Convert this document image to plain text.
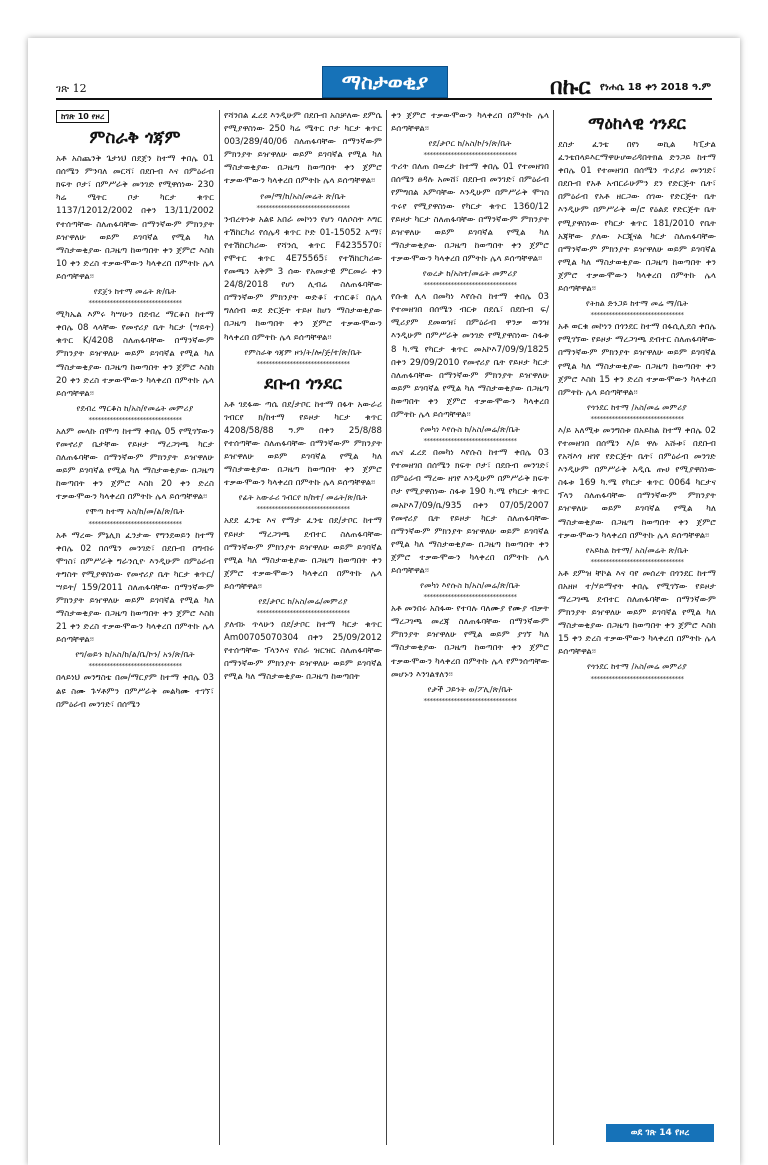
ገጽ 12	ማስታወቂያ	በኩር የነሐሴ 18 ቀን 2018 ዓ.ም
ከገጽ 10 የዞረ
ምስራቅ ጎጃም

አቶ አስጨንቅ ጌታነህ በደጀን ከተማ ቀበሌ 01 በሰሜን ምንባለ መርሻ፣ በደቡብ እና በምዕራብ ክፍት ቦታ፣ በምሥራቅ መንገድ የሚዋሰነው 230 ካሬ ሜትር ቦታ ካርታ ቁጥር 1137/12012/2002 በቀን 13/11/2002 የተሰጣቸው ስለጠፋባቸው በማንኛውም ምክንያት ይዠዋለሁ ወይም ይገባኛል የሚል ካለ ማስታወቂያው በጋዜጣ ከወጣበት ቀን ጀምሮ እስከ 10 ቀን ድረስ ተቃውሞውን ካላቀረበ በምትኩ ሌላ ይሰጣቸዋል፡፡

የደጀን ከተማ መሬት ጽ/ቤት
*******************************

ሚካኤል እምሩ ካሣሁን በደብረ ማርቆስ ከተማ ቀበሌ 08 ላላቸው የመኖሪያ ቤት ካርታ (ሣይት) ቁጥር K/4208 ስለጠፋባቸው በማንኛውም ምክንያት ይዠዋለሁ ወይም ይገባኛል የሚል ካለ ማስታወቂያው በጋዜጣ ከወጣበት ቀን ጀምሮ እስከ 20 ቀን ድረስ ተቃውሞውን ካላቀረበ በምትኩ ሌላ ይሰጣቸዋል፡፡

የደብረ ማርቆስ ከ/አስ/የመሬት መምሪያ
*******************************

አለም መላኩ በሞጣ ከተማ ቀበሌ 05 የሚገኘውን የመኖሪያ ቤታቸው የይዞታ ማረጋገጫ ካርታ ስለጠፋባቸው በማንኛውም ምክንያት ይዠዋለሁ ወይም ይገባኛል የሚል ካለ ማስታወቂያው በጋዜጣ ከወጣበት ቀን ጀምሮ እስከ 20 ቀን ድረስ ተቃውሞውን ካላቀረበ በምትኩ ሌላ ይሰጣቸዋል፡፡

የሞጣ ከተማ አስ/ከ/መ/ል/ጽ/ቤት
*******************************

አቶ ማረው ምኔሊክ ፈንታው የግንደወይን ከተማ ቀበሌ 02 በሰሜን መንገድ፣ በደቡብ በግብሩ ሞገስ፣ በምሥራቅ ግራንሲዮ እንዲሁም በምዕራብ ትግስት የሚያዋስነው የመኖሪያ ቤት ካርታ ቁጥር/ሣይት/ 159/2011 ስለጠፋባቸው በማንኛውም ምክንያት ይዠዋለሁ ወይም ይገባኛል የሚል ካለ ማስታወቂያው በጋዜጣ ከወጣበት ቀን ጀምሮ እስከ 21 ቀን ድረስ ተቃውሞውን ካላቀረበ በምትኩ ሌላ ይሰጣቸዋል፡፡

የግ/ወይን ከ/አስ/ከ/ል/ቤ/ኮን/ አን/ጽ/ቤት
*******************************

በላይነህ መንግስቴ በመ/ማርያም ከተማ ቀበሌ 03 ልዩ ስሙ ጉሃቶምን በምሥራቅ መልካሙ ተገኘ፣ በምዕራብ መንገድ፣ በሰሜን

የሻንበል ፈረደ እንዲሁም በደቡብ አስቻለው ደምሴ የሚያዋስነው 250 ካሬ ሜትር ቦታ ካርታ ቁጥር 003/289/40/06 ስለጠፋባቸው በማንኛውም ምክንያት ይዠዋለሁ ወይም ይገባኛል የሚል ካለ ማስታወቂያው በጋዜጣ ከወጣበት ቀን ጀምሮ ተቃውሞውን ካላቀረበ በምትኩ ሌላ ይሰጣቸዋል፡፡

የመ/ማ/ከ/አስ/መሬት ጽ/ቤት
*******************************

ንብረትነቱ አልዩ አበራ መኮነን የሆነ ባለሶስት እግር ተሽከርካሪ የሰሌዳ ቁጥር ኮድ 01-15052 አማ፣ የተሽከርካሪው የሻንሲ ቁጥር F4235570፣ የሞተር ቁጥር 4E75565፣ የተሽከርካሪው የመጫን አቅም 3 ሰው የአመታዊ ምርመራ ቀን 24/8/2018 የሆነ ሊብሬ ስለጠፋባቸው በማንኛውም ምክንያት ወድቆ፣ ተሰርቆ፣ በሌላ ግለሰብ ወደ ድርጅት ተይዞ ከሆነ ማስታወቂያው በጋዜጣ ከወጣበት ቀን ጀምሮ ተቃውሞውን ካላቀረበ በምትኩ ሌላ ይሰጣቸዋል፡፡

የምስራቅ ጎጃም ዞን/ት/ሎ/ጅ/ተ/ጽ/ቤት
*******************************
ደቡብ ጎንደር

አቶ ገደፋው ጣሴ በደ/ታቦር ከተማ በፋት አውራሪ ገብርየ ክ/ከተማ የይዞታ ካርታ ቁጥር 4208/58/88 ዓ.ም በቀን 25/8/88 የተሰጣቸው ስለጠፋባቸው በማንኛውም ምክንያት ይዠዋለሁ ወይም ይገባኛል የሚል ካለ ማስታወቂያው በጋዜጣ ከወጣበት ቀን ጀምሮ ተቃውሞውን ካላቀረበ በምትኩ ሌላ ይሰጣቸዋል፡፡

የፊት አውራሪ ገብርየ ክ/ከተ/ መሬት/ጽ/ቤት
*******************************

አደደ ፈንቴ እና የማታ ፈንቴ በደ/ታቦር ከተማ የይዞታ ማረጋገጫ ደብተር ስለጠፋባቸው በማንኛውም ምክንያት ይዠዋለሁ ወይም ይገባኛል የሚል ካለ ማስታወቂያው በጋዜጣ ከወጣበት ቀን ጀምሮ ተቃውሞውን ካላቀረበ በምትኩ ሌላ ይሰጣቸዋል፡፡

የደ/ታቦር ከ/አስ/መሬ/መምሪያ
*******************************

ያለብኑ ጥላሁን በደ/ታቦር ከተማ ካርታ ቁጥር Am00705070304 በቀን 25/09/2012 የተሰጣቸው ፕላንእና የስራ ዝርዝር ስለጠፋባቸው በማንኛውም ምክንያት ይዠዋለሁ ወይም ይገባኛል የሚል ካለ ማስታወቂያው በጋዜጣ ከወጣበት

ቀን ጀምሮ ተቃውሞውን ካላቀረበ በምትኩ ሌላ ይሰጣቸዋል፡፡

የደ/ታቦር ከ/አስ/ኮ/ን/ጽ/ቤት
*******************************

ጥሪት በለጠ በወረታ ከተማ ቀበሌ 01 የተመዘገበ በሰሜን ፀዳሉ አመሸ፣ በደቡብ መንገድ፣ በምዕራብ የምግበል አምባቸው እንዲሁም በምሥራቅ ሞገስ ጥሩየ የሚያዋስነው የካርታ ቁጥር 1360/12 የይዞታ ካርታ ስለጠፋባቸው በማንኛውም ምክንያት ይዠዋለሁ ወይም ይገባኛል የሚል ካለ ማስታወቂያው በጋዜጣ ከወጣበት ቀን ጀምሮ ተቃውሞውን ካላቀረበ በምትኩ ሌላ ይሰጣቸዋል፡፡

የወረታ ከ/አስተ/መሬት መምሪያ
*******************************

የሱቁ ሊላ በመካነ እየሱስ ከተማ ቀበሌ 03 የተመዘገበ በሰሜን ብርቱ በደሴ፣ በደቡብ ፍ/ሚሪያም ደመወዝ፣ በምዕራብ ዋንቃ ወንዝ እንዲሁም በምሥራቅ መንገድ የሚያዋስነው ስፋቱ 8 ካ.ሜ የካርታ ቁጥር መአኮእ7/09/9/1825 በቀን 29/09/2010 የመኖሪያ ቤት የይዞታ ካርታ ስለጠፋባቸው በማንኛውም ምክንያት ይዠዋለሁ ወይም ይገባኛል የሚል ካለ ማስታወቂያው በጋዜጣ ከወጣበት ቀን ጀምሮ ተቃውሞውን ካላቀረበ በምትኩ ሌላ ይሰጣቸዋል፡፡

የመካነ እየሱስ ከ/አስ/መሬ/ጽ/ቤት
*******************************

ጤና ፈረደ በመካነ እየሱስ ከተማ ቀበሌ 03 የተመዘገበ በሰሜን ክፍት ቦታ፣ በደቡብ መንገድ፣ በምዕራብ ማረው ዘገየ እንዲሁም በምሥራቅ ክፍት ቦታ የሚያዋስነው ስፋቱ 190 ካ.ሜ የካርታ ቁጥር መአኮእ7/09/ቤ/935 በቀን 07/05/2007 የመኖሪያ ቤት የይዞታ ካርታ ስለጠፋባቸው በማንኛውም ምክንያት ይዠዋለሁ ወይም ይገባኛል የሚል ካለ ማስታወቂያው በጋዜጣ ከወጣበት ቀን ጀምሮ ተቃውሞውን ካላቀረበ በምትኩ ሌላ ይሰጣቸዋል፡፡

የመካነ እየሱስ ከ/አስ/መሬ/ጽ/ቤት
*******************************

አቶ መንበሩ አስፋው የተባሉ ባለሙያ የሙያ ብቃት ማረጋገጫ መረጃ ስለጠፋባቸው በማንኛውም ምክንያት ይዠዋለሁ የሚል ወይም ያገኘ ካለ ማስታወቂያው በጋዜጣ ከወጣበት ቀን ጀምሮ ተቃውሞውን ካላቀረበ በምትኩ ሌላ የምንሰጣቸው መሆኑን እንገልፃለን፡፡

የታች ጋይንት ወ/ፖሊ/ጽ/ቤት
*******************************
ማዕከላዊ ጎንደር

ደስታ ፈንቴ በየነ ወኪል ካፒታል ፈንቴበላይእርማዋሁሆወሪዳበትክል ድንጋይ ከተማ ቀበሌ 01 የተመዘገበ በሰሜን ጥሪያሪ መንገድ፣ በደቡብ የአቶ አብርራሁምን ደን የድርጅት ቤት፣ በምዕራብ የአቶ ዘርጋው ሰገው የድርጅት ቤት እንዲሁም በምሥራቅ ወ/ሮ የዕልደ የድርጅት ቤት የሚያዋስነው የካርታ ቁጥር 181/2010 የቤት አጃቸው ያለው ኦርጂናል ካርታ ስለጠፋባቸው በማንኛውም ምክንያት ይዠዋለሁ ወይም ይገባኛል የሚል ካለ ማስታወቂያው በጋዜጣ ከወጣበት ቀን ጀምሮ ተቃውሞውን ካላቀረበ በምትኩ ሌላ ይሰጣቸዋል፡፡

የትክል ድንጋይ ከተማ መሬ ማ/ቤት
*******************************

አቶ ወርቁ መኮነን በጎንደር ከተማ በፋሲሊደስ ቀበሌ የሚገኘው የይዞታ ማረጋገጫ ደብተር ስለጠፋባቸው በማንኛውም ምክንያት ይዠዋለሁ ወይም ይገባኛል የሚል ካለ ማስታወቂያው በጋዜጣ ከወጣበት ቀን ጀምሮ እስከ 15 ቀን ድረስ ተቃውሞውን ካላቀረበ በምትኩ ሌላ ይሰጣቸዋል፡፡

የጎንደር ከተማ /አስ/መሬ መምሪያ
*******************************

እ/ይ አለሚቱ መንግስቱ በአይከል ከተማ ቀበሌ 02 የተመዘገበ በሰሜን እ/ይ ዋሉ አሹቱ፣ በደቡብ የአሻእጎ ዘገየ የድርጅት ቤት፣ በምዕራብ መንገድ እንዲሁም በምሥራቅ አዲሴ ጡሀ የሚያዋስነው ስፋቱ 169 ካ.ሜ የካርታ ቁጥር 0064 ካርታና ፕላን ስለጠፋባቸው በማንኛውም ምክንያት ይዠዋለሁ ወይም ይገባኛል የሚል ካለ ማስታወቂያው በጋዜጣ ከወጣበት ቀን ጀምሮ ተቃውሞውን ካላቀረበ በምትኩ ሌላ ይሰጣቸዋል፡፡

የአይከል ከተማ/ አስ/መሬት ጽ/ቤት
*******************************

አቶ ደምዝ ቸኮል እና ባየ መሰረት በጎንደር ከተማ በአዘዞ ተ/ሃይማኖት ቀበሌ የሚገኘው የይዞታ ማረጋገጫ ደብተር ስለጠፋባቸው በማንኛውም ምክንያት ይዠዋለሁ ወይም ይገባኛል የሚል ካለ ማስታወቂያው በጋዜጣ ከወጣበት ቀን ጀምሮ እስከ 15 ቀን ድረስ ተቃውሞውን ካላቀረበ በምትኩ ሌላ ይሰጣቸዋል፡፡

የጎንደር ከተማ /አስ/መሬ መምሪያ
*******************************
ወደ ገጽ 14 የዞረ
